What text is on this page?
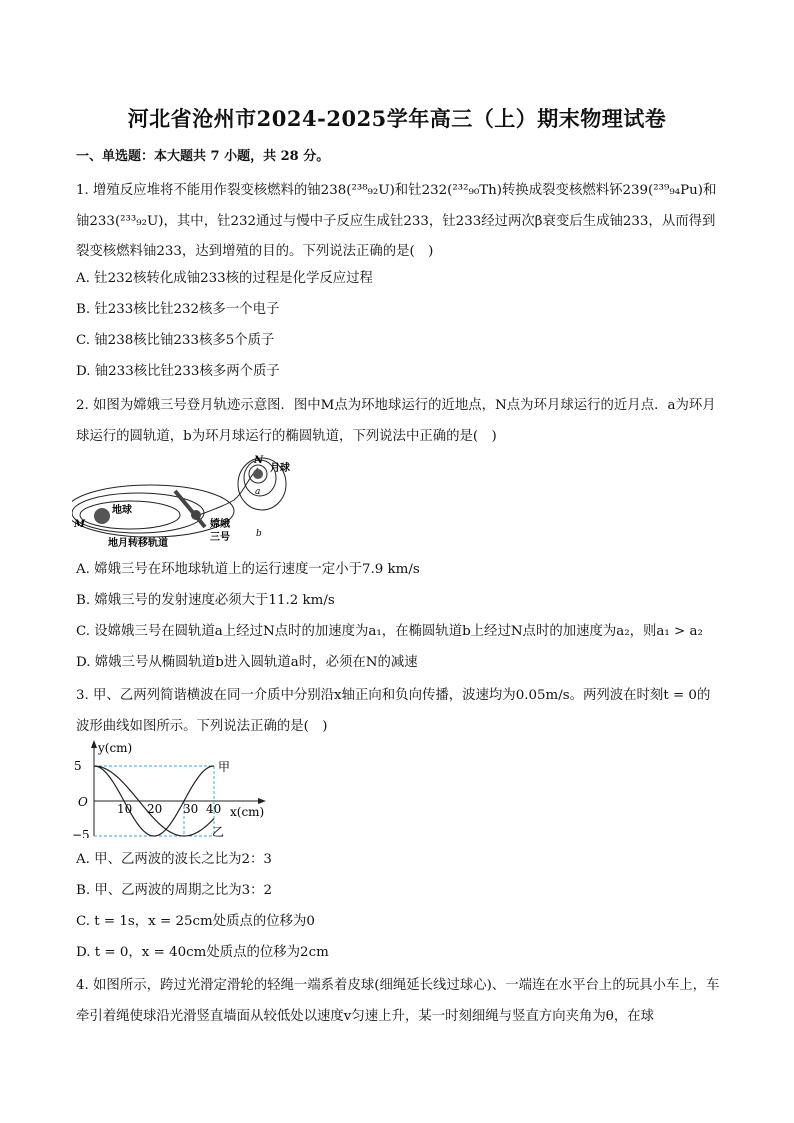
河北省沧州市2024-2025学年高三（上）期末物理试卷
一、单选题：本大题共 7 小题，共 28 分。
1. 增殖反应堆将不能用作裂变核燃料的铀238(²³⁸₉₂U)和钍232(²³²₉₀Th)转换成裂变核燃料钚239(²³⁹₉₄Pu)和铀233(²³³₉₂U)，其中，钍232通过与慢中子反应生成钍233，钍233经过两次β衰变后生成铀233，从而得到裂变核燃料铀233，达到增殖的目的。下列说法正确的是(　)
A. 钍232核转化成铀233核的过程是化学反应过程
B. 钍233核比钍232核多一个电子
C. 铀238核比铀233核多5个质子
D. 铀233核比钍233核多两个质子
2. 如图为嫦娥三号登月轨迹示意图．图中M点为环地球运行的近地点，N点为环月球运行的近月点．a为环月球运行的圆轨道，b为环月球运行的椭圆轨道，下列说法中正确的是(　)
M
地球
地月转移轨道
嫦娥
三号
N
月球
a
b
A. 嫦娥三号在环地球轨道上的运行速度一定小于7.9 km/s
B. 嫦娥三号的发射速度必须大于11.2 km/s
C. 设嫦娥三号在圆轨道a上经过N点时的加速度为a₁，在椭圆轨道b上经过N点时的加速度为a₂，则a₁ > a₂
D. 嫦娥三号从椭圆轨道b进入圆轨道a时，必须在N的减速
3. 甲、乙两列简谐横波在同一介质中分别沿x轴正向和负向传播，波速均为0.05m/s。两列波在时刻t = 0的波形曲线如图所示。下列说法正确的是(　)
5
−5
O
y(cm)
x(cm)
10 20 30 40
甲
乙
A. 甲、乙两波的波长之比为2：3
B. 甲、乙两波的周期之比为3：2
C. t = 1s，x = 25cm处质点的位移为0
D. t = 0，x = 40cm处质点的位移为2cm
4. 如图所示，跨过光滑定滑轮的轻绳一端系着皮球(细绳延长线过球心)、一端连在水平台上的玩具小车上，车牵引着绳使球沿光滑竖直墙面从较低处以速度v匀速上升，某一时刻细绳与竖直方向夹角为θ，在球
